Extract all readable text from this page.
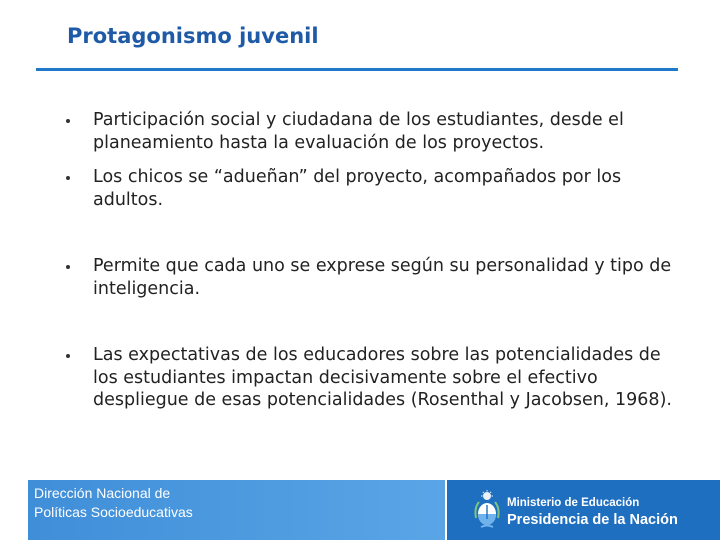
Protagonismo juvenil
Participación social y ciudadana de los estudiantes, desde el planeamiento hasta la evaluación de los proyectos.
Los chicos se “adueñan” del proyecto, acompañados por los adultos.
Permite que cada uno se exprese según su personalidad y tipo de inteligencia.
Las expectativas de los educadores sobre las potencialidades de los estudiantes impactan decisivamente sobre el efectivo despliegue de esas potencialidades (Rosenthal y Jacobsen, 1968).
Dirección Nacional de
Políticas Socioeducativas
Ministerio de Educación
Presidencia de la Nación
